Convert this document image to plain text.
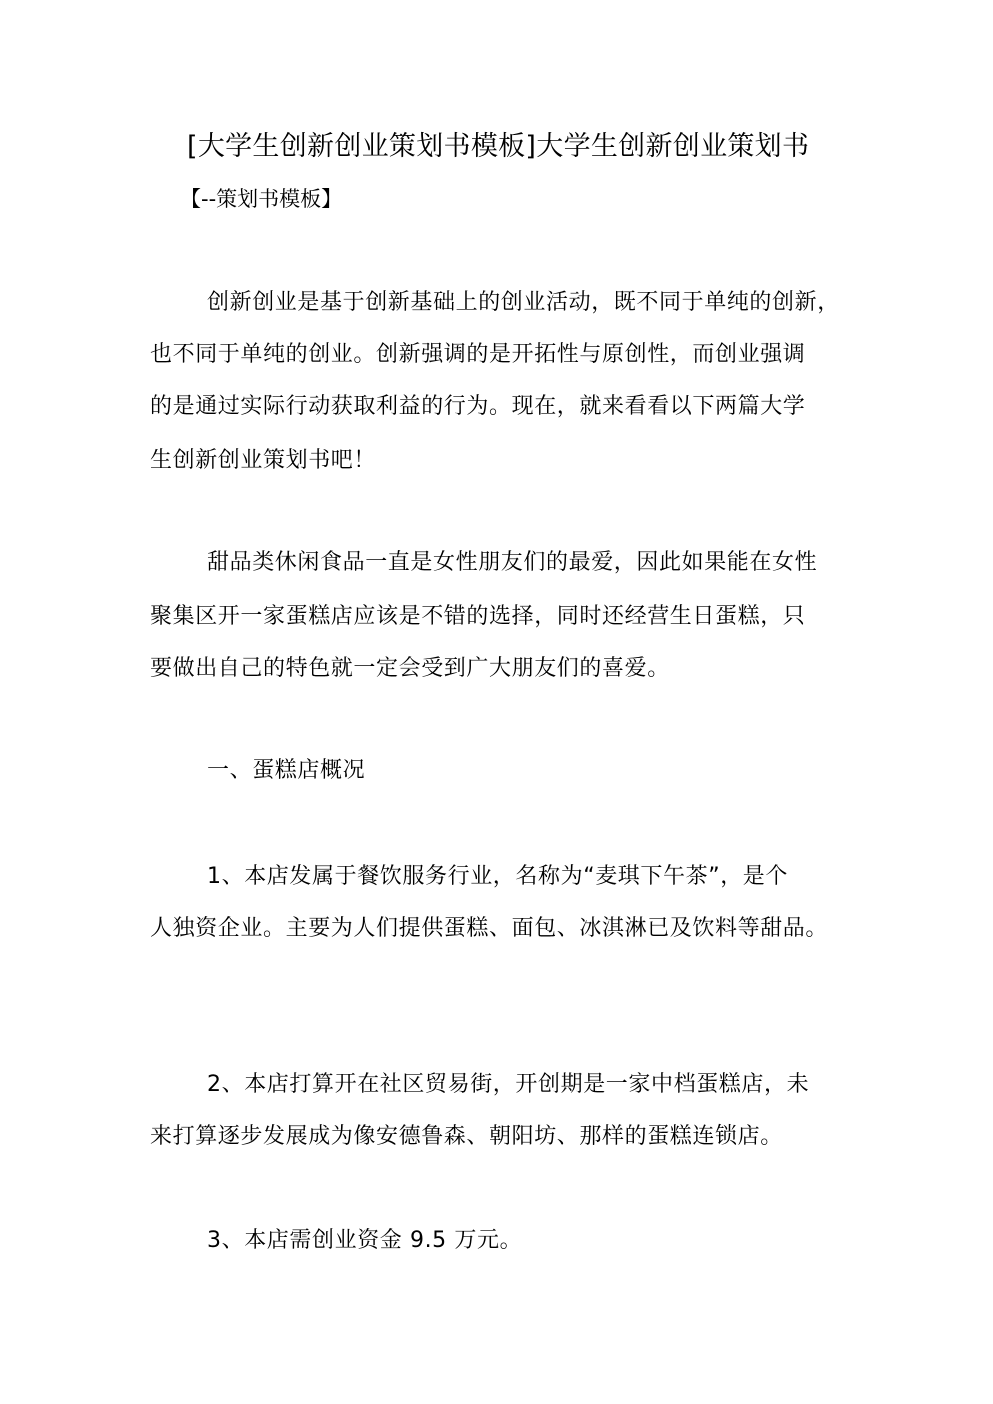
[大学生创新创业策划书模板]大学生创新创业策划书
【--策划书模板】
创新创业是基于创新基础上的创业活动，既不同于单纯的创新，
也不同于单纯的创业。创新强调的是开拓性与原创性，而创业强调
的是通过实际行动获取利益的行为。现在，就来看看以下两篇大学
生创新创业策划书吧！
甜品类休闲食品一直是女性朋友们的最爱，因此如果能在女性
聚集区开一家蛋糕店应该是不错的选择，同时还经营生日蛋糕，只
要做出自己的特色就一定会受到广大朋友们的喜爱。
一、蛋糕店概况
1、本店发属于餐饮服务行业，名称为“麦琪下午茶”，是个
人独资企业。主要为人们提供蛋糕、面包、冰淇淋已及饮料等甜品。
2、本店打算开在社区贸易街，开创期是一家中档蛋糕店，未
来打算逐步发展成为像安德鲁森、朝阳坊、那样的蛋糕连锁店。
3、本店需创业资金 9.5 万元。
